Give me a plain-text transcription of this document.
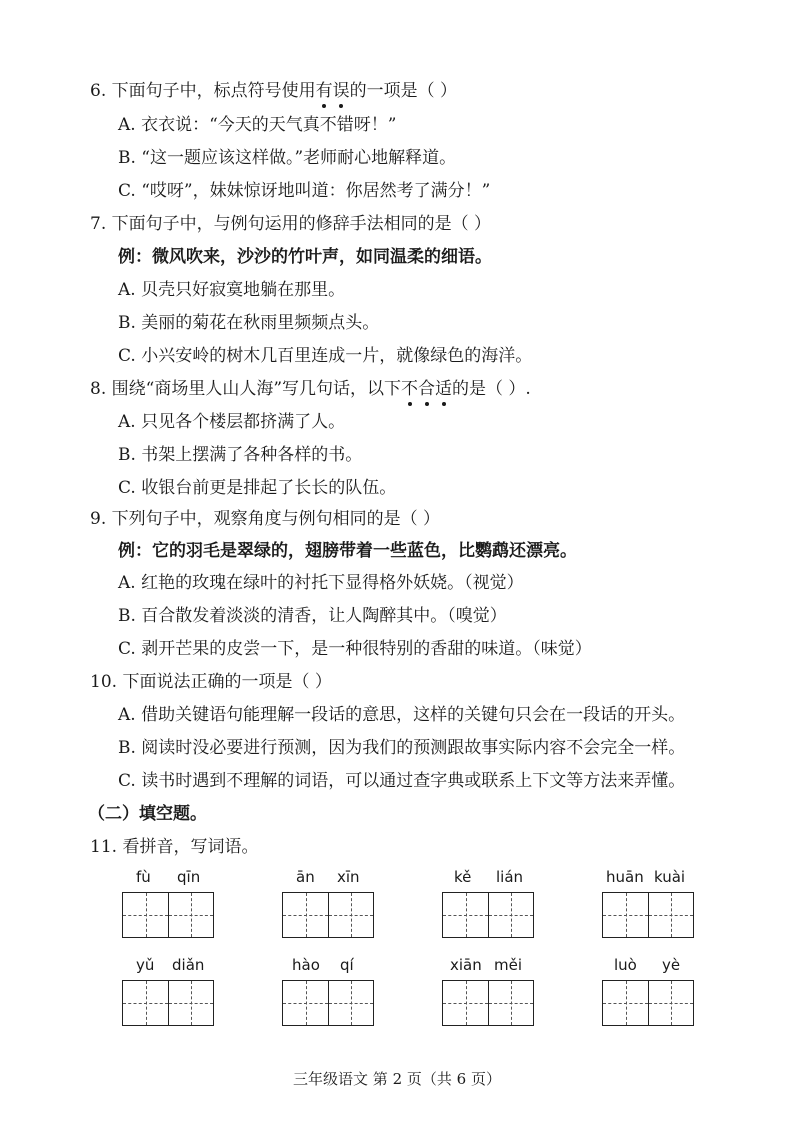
6. 下面句子中，标点符号使用有误的一项是（ ）
A. 衣衣说：“今天的天气真不错呀！”
B. “这一题应该这样做。”老师耐心地解释道。
C. “哎呀”，妹妹惊讶地叫道：你居然考了满分！”
7. 下面句子中，与例句运用的修辞手法相同的是（ ）
例：微风吹来，沙沙的竹叶声，如同温柔的细语。
A. 贝壳只好寂寞地躺在那里。
B. 美丽的菊花在秋雨里频频点头。
C. 小兴安岭的树木几百里连成一片，就像绿色的海洋。
8. 围绕“商场里人山人海”写几句话，以下不合适的是（ ）.
A. 只见各个楼层都挤满了人。
B. 书架上摆满了各种各样的书。
C. 收银台前更是排起了长长的队伍。
9. 下列句子中，观察角度与例句相同的是（ ）
例：它的羽毛是翠绿的，翅膀带着一些蓝色，比鹦鹉还漂亮。
A. 红艳的玫瑰在绿叶的衬托下显得格外妖娆。（视觉）
B. 百合散发着淡淡的清香，让人陶醉其中。（嗅觉）
C. 剥开芒果的皮尝一下，是一种很特别的香甜的味道。（味觉）
10. 下面说法正确的一项是（ ）
A. 借助关键语句能理解一段话的意思，这样的关键句只会在一段话的开头。
B. 阅读时没必要进行预测，因为我们的预测跟故事实际内容不会完全一样。
C. 读书时遇到不理解的词语，可以通过查字典或联系上下文等方法来弄懂。
（二）填空题。
11. 看拼音，写词语。
fù qīn	ān xīn	kě lián	huān kuài
yǔ diǎn	hào qí	xiān měi	luò yè
三年级语文 第 2 页（共 6 页）
